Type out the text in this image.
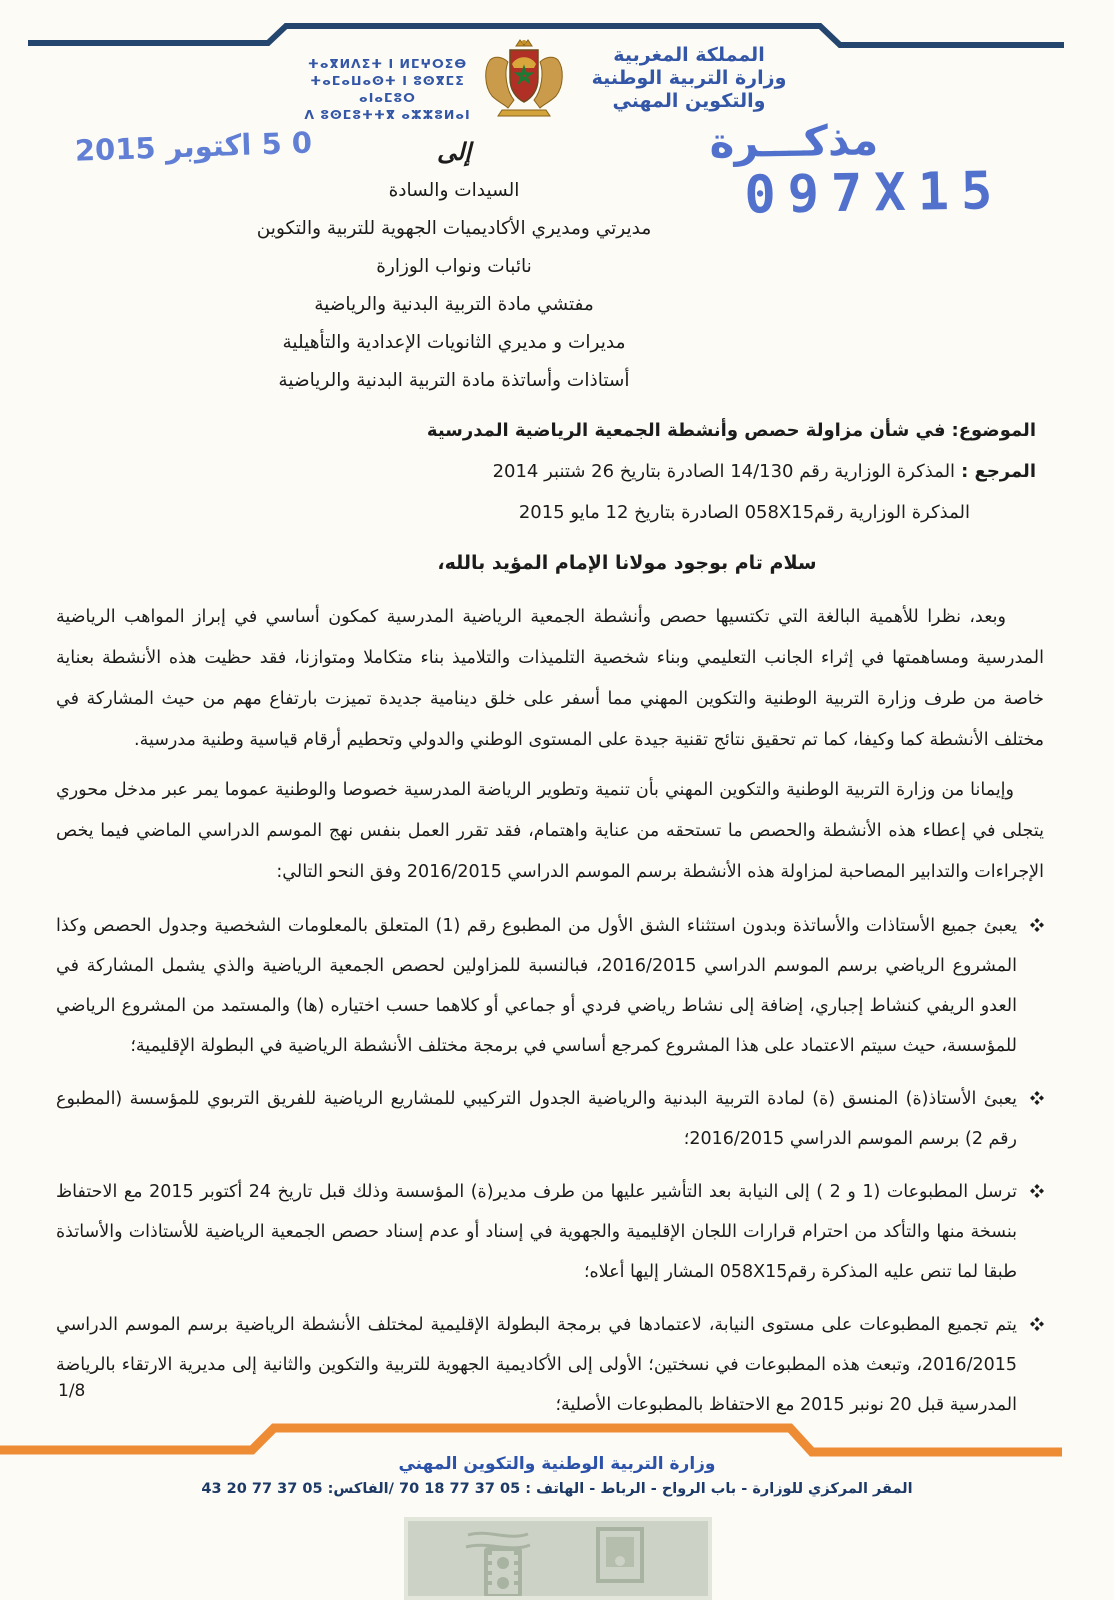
المملكة المغربية
وزارة التربية الوطنية
والتكوين المهني
ⵜⴰⴳⵍⴷⵉⵜ ⵏ ⵍⵎⵖⵔⵉⴱ
ⵜⴰⵎⴰⵡⴰⵙⵜ ⵏ ⵓⵙⴳⵎⵉ ⴰⵏⴰⵎⵓⵔ
ⴷ ⵓⵙⵎⵓⵜⵜⴳ ⴰⵣⵣⵓⵍⴰⵏ
0 5 اكتوبر 2015	مذكـــرة
097X15
إلى
السيدات والسادة
مديرتي ومديري الأكاديميات الجهوية للتربية والتكوين
نائبات ونواب الوزارة
مفتشي مادة التربية البدنية والرياضية
مديرات و مديري الثانويات الإعدادية والتأهيلية
أستاذات وأساتذة مادة التربية البدنية والرياضية
الموضوع:في شأن مزاولة حصص وأنشطة الجمعية الرياضية المدرسية
المرجع :المذكرة الوزارية رقم 14/130 الصادرة بتاريخ 26 شتنبر 2014
المذكرة الوزارية رقم058X15 الصادرة بتاريخ 12 مايو 2015
سلام تام بوجود مولانا الإمام المؤيد بالله،
وبعد، نظرا للأهمية البالغة التي تكتسيها حصص وأنشطة الجمعية الرياضية المدرسية كمكون أساسي في إبراز المواهب الرياضية المدرسية ومساهمتها في إثراء الجانب التعليمي وبناء شخصية التلميذات والتلاميذ بناء متكاملا ومتوازنا، فقد حظيت هذه الأنشطة بعناية خاصة من طرف وزارة التربية الوطنية والتكوين المهني مما أسفر على خلق دينامية جديدة تميزت بارتفاع مهم من حيث المشاركة في مختلف الأنشطة كما وكيفا، كما تم تحقيق نتائج تقنية جيدة على المستوى الوطني والدولي وتحطيم أرقام قياسية وطنية مدرسية.
وإيمانا من وزارة التربية الوطنية والتكوين المهني بأن تنمية وتطوير الرياضة المدرسية خصوصا والوطنية عموما يمر عبر مدخل محوري يتجلى في إعطاء هذه الأنشطة والحصص ما تستحقه من عناية واهتمام، فقد تقرر العمل بنفس نهج الموسم الدراسي الماضي فيما يخص الإجراءات والتدابير المصاحبة لمزاولة هذه الأنشطة برسم الموسم الدراسي 2016/2015 وفق النحو التالي:
يعبئ جميع الأستاذات والأساتذة وبدون استثناء الشق الأول من المطبوع رقم (1) المتعلق بالمعلومات الشخصية وجدول الحصص وكذا المشروع الرياضي برسم الموسم الدراسي 2016/2015، فبالنسبة للمزاولين لحصص الجمعية الرياضية والذي يشمل المشاركة في العدو الريفي كنشاط إجباري، إضافة إلى نشاط رياضي فردي أو جماعي أو كلاهما حسب اختياره (ها) والمستمد من المشروع الرياضي للمؤسسة، حيث سيتم الاعتماد على هذا المشروع كمرجع أساسي في برمجة مختلف الأنشطة الرياضية في البطولة الإقليمية؛
يعبئ الأستاذ(ة) المنسق (ة) لمادة التربية البدنية والرياضية الجدول التركيبي للمشاريع الرياضية للفريق التربوي للمؤسسة (المطبوع رقم 2) برسم الموسم الدراسي 2016/2015؛
ترسل المطبوعات (1 و 2 ) إلى النيابة بعد التأشير عليها من طرف مدير(ة) المؤسسة وذلك قبل تاريخ 24 أكتوبر 2015 مع الاحتفاظ بنسخة منها والتأكد من احترام قرارات اللجان الإقليمية والجهوية في إسناد أو عدم إسناد حصص الجمعية الرياضية للأستاذات والأساتذة طبقا لما تنص عليه المذكرة رقم058X15 المشار إليها أعلاه؛
يتم تجميع المطبوعات على مستوى النيابة، لاعتمادها في برمجة البطولة الإقليمية لمختلف الأنشطة الرياضية برسم الموسم الدراسي 2016/2015، وتبعث هذه المطبوعات في نسختين؛ الأولى إلى الأكاديمية الجهوية للتربية والتكوين والثانية إلى مديرية الارتقاء بالرياضة المدرسية قبل 20 نونبر 2015 مع الاحتفاظ بالمطبوعات الأصلية؛
1/8
وزارة التربية الوطنية والتكوين المهني
المقر المركزي للوزارة - باب الرواح - الرباط - الهاتف : 05 37 77 18 70 /الفاكس: 05 37 77 20 43
